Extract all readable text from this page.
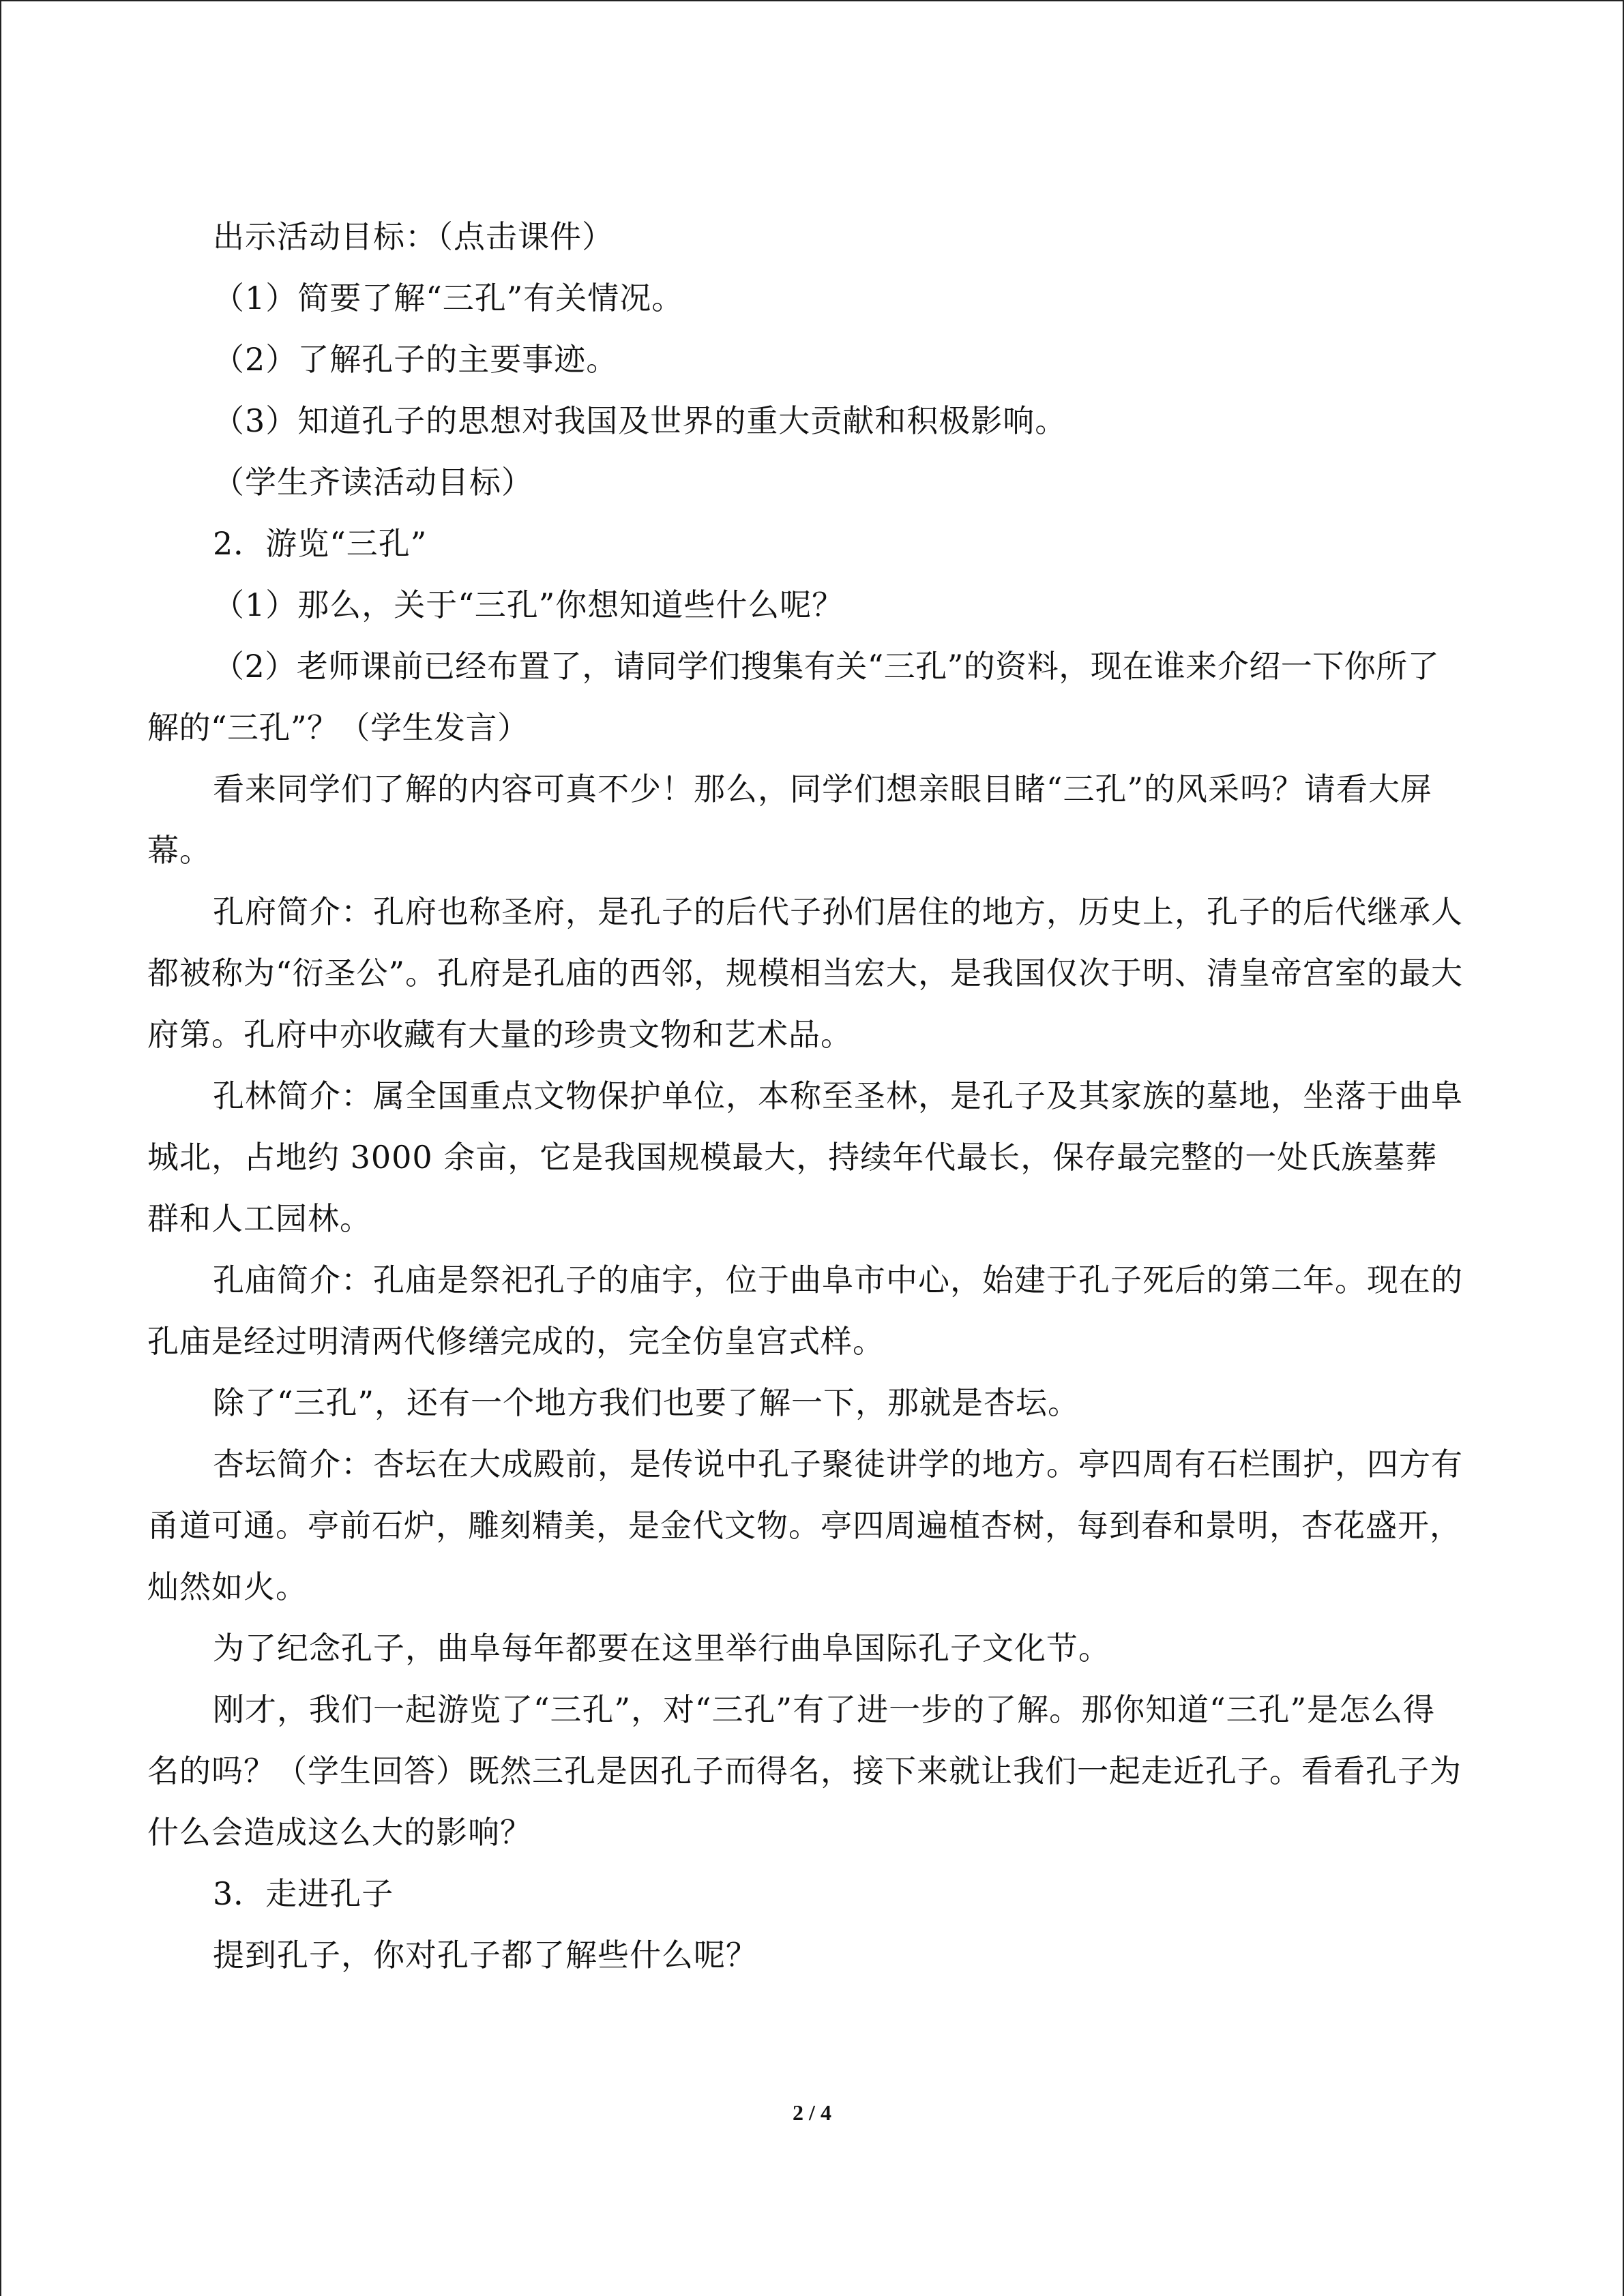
出示活动目标：（点击课件）

（1）简要了解“三孔”有关情况。

（2）了解孔子的主要事迹。

（3）知道孔子的思想对我国及世界的重大贡献和积极影响。

（学生齐读活动目标）

2．游览“三孔”

（1）那么，关于“三孔”你想知道些什么呢？

（2）老师课前已经布置了，请同学们搜集有关“三孔”的资料，现在谁来介绍一下你所了解的“三孔”？（学生发言）

看来同学们了解的内容可真不少！那么，同学们想亲眼目睹“三孔”的风采吗？请看大屏幕。

孔府简介：孔府也称圣府，是孔子的后代子孙们居住的地方，历史上，孔子的后代继承人都被称为“衍圣公”。孔府是孔庙的西邻，规模相当宏大，是我国仅次于明、清皇帝宫室的最大府第。孔府中亦收藏有大量的珍贵文物和艺术品。

孔林简介：属全国重点文物保护单位，本称至圣林，是孔子及其家族的墓地，坐落于曲阜城北，占地约 3000 余亩，它是我国规模最大，持续年代最长，保存最完整的一处氏族墓葬群和人工园林。

孔庙简介：孔庙是祭祀孔子的庙宇，位于曲阜市中心，始建于孔子死后的第二年。现在的孔庙是经过明清两代修缮完成的，完全仿皇宫式样。

除了“三孔”，还有一个地方我们也要了解一下，那就是杏坛。

杏坛简介：杏坛在大成殿前，是传说中孔子聚徒讲学的地方。亭四周有石栏围护，四方有甬道可通。亭前石炉，雕刻精美，是金代文物。亭四周遍植杏树，每到春和景明，杏花盛开，灿然如火。

为了纪念孔子，曲阜每年都要在这里举行曲阜国际孔子文化节。

刚才，我们一起游览了“三孔”，对“三孔”有了进一步的了解。那你知道“三孔”是怎么得名的吗？（学生回答）既然三孔是因孔子而得名，接下来就让我们一起走近孔子。看看孔子为什么会造成这么大的影响？

3．走进孔子

提到孔子，你对孔子都了解些什么呢？

2 / 4
